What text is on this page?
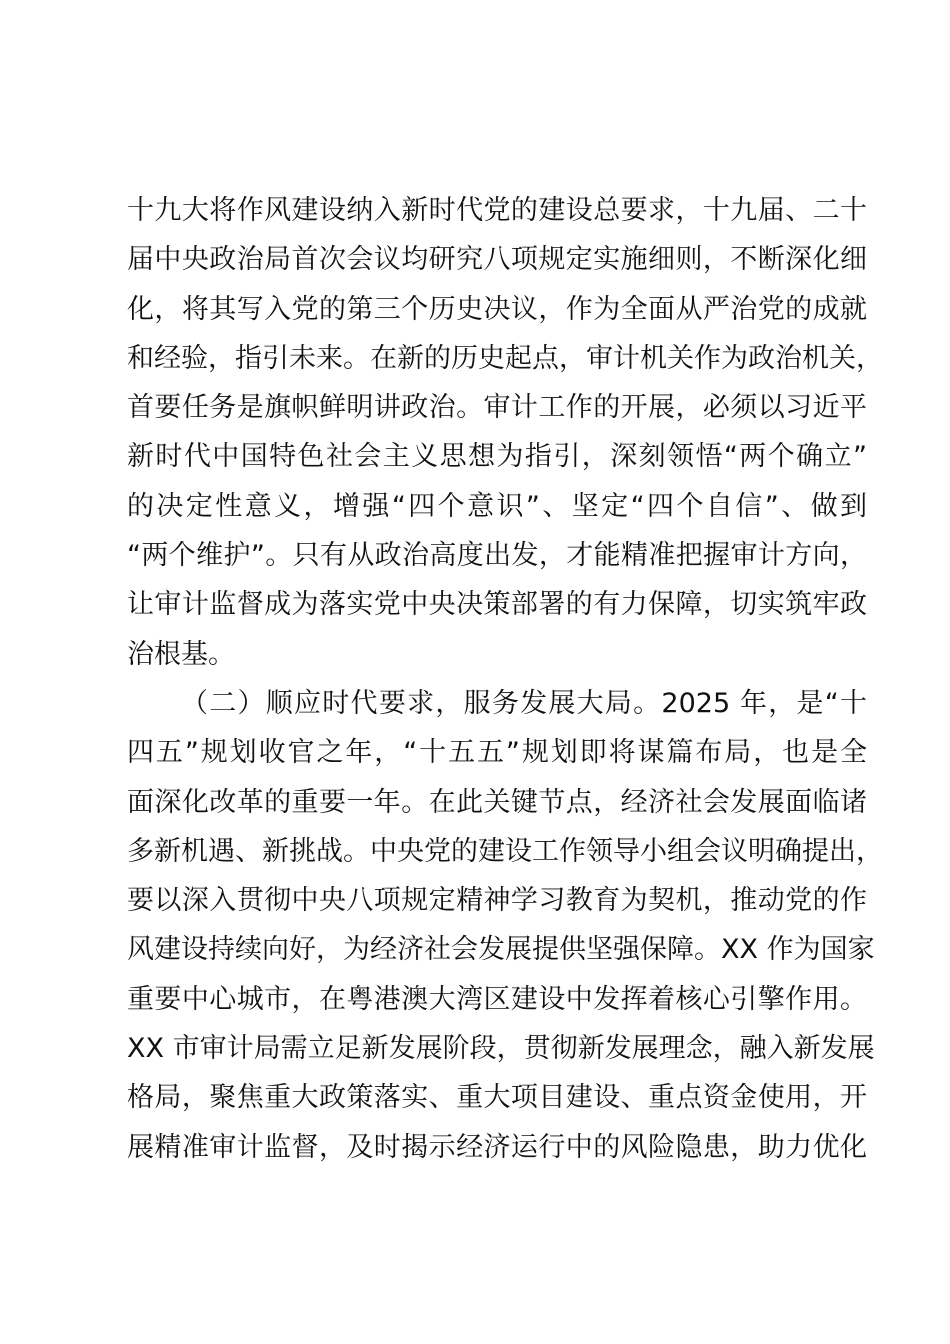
十九大将作风建设纳入新时代党的建设总要求，十九届、二十
届中央政治局首次会议均研究八项规定实施细则，不断深化细
化，将其写入党的第三个历史决议，作为全面从严治党的成就
和经验，指引未来。在新的历史起点，审计机关作为政治机关，
首要任务是旗帜鲜明讲政治。审计工作的开展，必须以习近平
新时代中国特色社会主义思想为指引，深刻领悟“两个确立”
的决定性意义，增强“四个意识”、坚定“四个自信”、做到
“两个维护”。只有从政治高度出发，才能精准把握审计方向，
让审计监督成为落实党中央决策部署的有力保障，切实筑牢政
治根基。
（二）顺应时代要求，服务发展大局。2025 年，是“十
四五”规划收官之年，“十五五”规划即将谋篇布局，也是全
面深化改革的重要一年。在此关键节点，经济社会发展面临诸
多新机遇、新挑战。中央党的建设工作领导小组会议明确提出，
要以深入贯彻中央八项规定精神学习教育为契机，推动党的作
风建设持续向好，为经济社会发展提供坚强保障。XX 作为国家
重要中心城市，在粤港澳大湾区建设中发挥着核心引擎作用。
XX 市审计局需立足新发展阶段，贯彻新发展理念，融入新发展
格局，聚焦重大政策落实、重大项目建设、重点资金使用，开
展精准审计监督，及时揭示经济运行中的风险隐患，助力优化
